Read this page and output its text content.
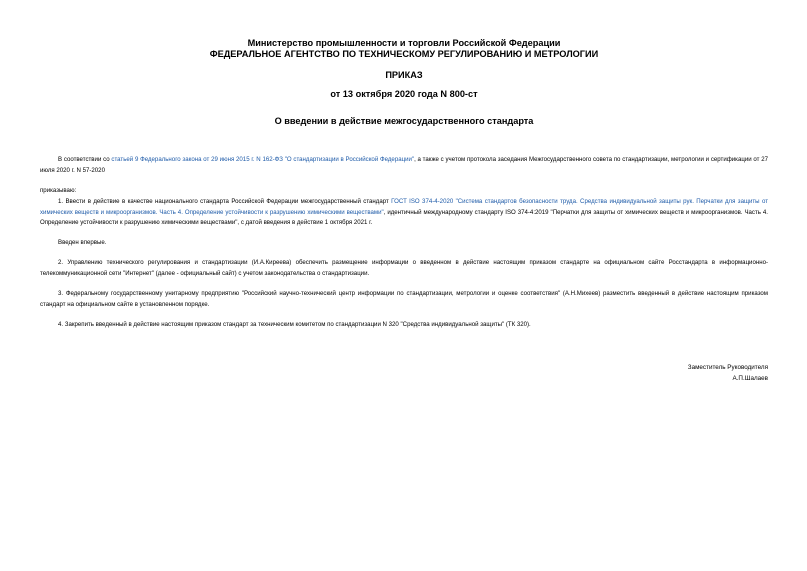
Министерство промышленности и торговли Российской Федерации
ФЕДЕРАЛЬНОЕ АГЕНТСТВО ПО ТЕХНИЧЕСКОМУ РЕГУЛИРОВАНИЮ И МЕТРОЛОГИИ
ПРИКАЗ
от 13 октября 2020 года N 800-ст
О введении в действие межгосударственного стандарта
В соответствии со статьей 9 Федерального закона от 29 июня 2015 г. N 162-ФЗ "О стандартизации в Российской Федерации", а также с учетом протокола заседания Межгосударственного совета по стандартизации, метрологии и сертификации от 27 июля 2020 г. N 57-2020
приказываю:
1. Ввести в действие в качестве национального стандарта Российской Федерации межгосударственный стандарт ГОСТ ISO 374-4-2020 "Система стандартов безопасности труда. Средства индивидуальной защиты рук. Перчатки для защиты от химических веществ и микроорганизмов. Часть 4. Определение устойчивости к разрушению химическими веществами", идентичный международному стандарту ISO 374-4:2019 "Перчатки для защиты от химических веществ и микроорганизмов. Часть 4. Определение устойчивости к разрушению химическими веществами", с датой введения в действие 1 октября 2021 г.
Введен впервые.
2. Управлению технического регулирования и стандартизации (И.А.Киреева) обеспечить размещение информации о введенном в действие настоящим приказом стандарте на официальном сайте Росстандарта в информационно-телекоммуникационной сети "Интернет" (далее - официальный сайт) с учетом законодательства о стандартизации.
3. Федеральному государственному унитарному предприятию "Российский научно-технический центр информации по стандартизации, метрологии и оценке соответствия" (А.Н.Михеев) разместить введенный в действие настоящим приказом стандарт на официальном сайте в установленном порядке.
4. Закрепить введенный в действие настоящим приказом стандарт за техническим комитетом по стандартизации N 320 "Средства индивидуальной защиты" (ТК 320).
Заместитель Руководителя
А.П.Шалаев
